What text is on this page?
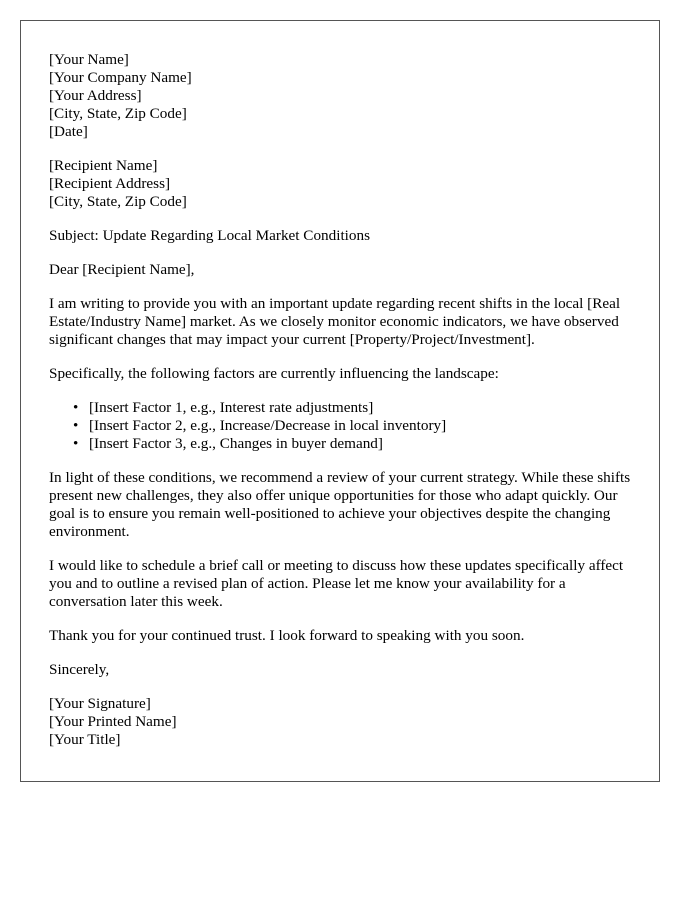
[Your Name]
[Your Company Name]
[Your Address]
[City, State, Zip Code]
[Date]
[Recipient Name]
[Recipient Address]
[City, State, Zip Code]

Subject: Update Regarding Local Market Conditions

Dear [Recipient Name],

I am writing to provide you with an important update regarding recent shifts in the local [Real Estate/Industry Name] market. As we closely monitor economic indicators, we have observed significant changes that may impact your current [Property/Project/Investment].

Specifically, the following factors are currently influencing the landscape:

• [Insert Factor 1, e.g., Interest rate adjustments]
• [Insert Factor 2, e.g., Increase/Decrease in local inventory]
• [Insert Factor 3, e.g., Changes in buyer demand]

In light of these conditions, we recommend a review of your current strategy. While these shifts present new challenges, they also offer unique opportunities for those who adapt quickly. Our goal is to ensure you remain well-positioned to achieve your objectives despite the changing environment.

I would like to schedule a brief call or meeting to discuss how these updates specifically affect you and to outline a revised plan of action. Please let me know your availability for a conversation later this week.

Thank you for your continued trust. I look forward to speaking with you soon.

Sincerely,

[Your Signature]
[Your Printed Name]
[Your Title]
